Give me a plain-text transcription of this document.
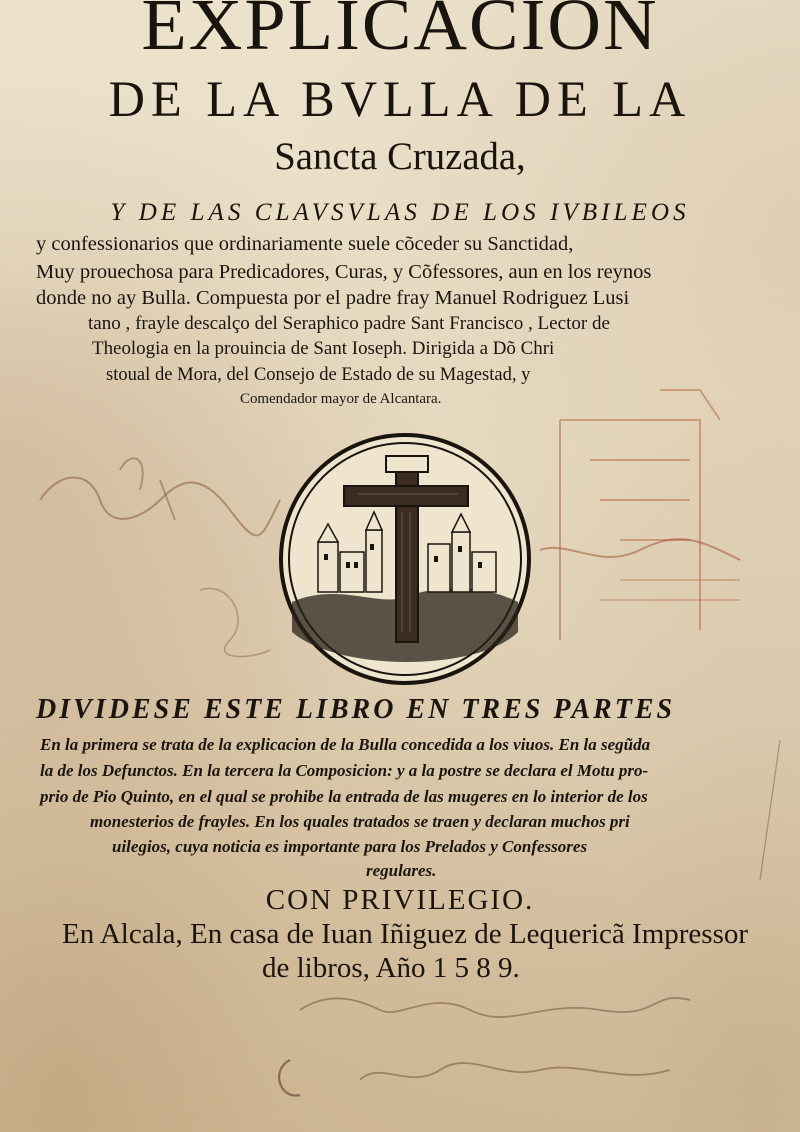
EXPLICACION
DE LA BVLLA DE LA
Sancta Cruzada,
Y DE LAS CLAVSVLAS DE LOS IVBILEOS
y confessionarios que ordinariamente suele cõceder su Sanctidad,
Muy prouechosa para Predicadores, Curas, y Cõfessores, aun en los reynos
donde no ay Bulla. Compuesta por el padre fray Manuel Rodriguez Lusi
tano , frayle descalço del Seraphico padre Sant Francisco , Lector de
Theologia en la prouincia de Sant Ioseph. Dirigida a Dõ Chri
stoual de Mora, del Consejo de Estado de su Magestad, y
Comendador mayor de Alcantara.
DIVIDESE ESTE LIBRO EN TRES PARTES
En la primera se trata de la explicacion de la Bulla concedida a los viuos. En la segũda
la de los Defunctos. En la tercera la Composicion: y a la postre se declara el Motu pro-
prio de Pio Quinto, en el qual se prohibe la entrada de las mugeres en lo interior de los
monesterios de frayles. En los quales tratados se traen y declaran muchos pri
uilegios, cuya noticia es importante para los Prelados y Confessores
regulares.
CON PRIVILEGIO.
En Alcala, En casa de Iuan Iñiguez de Lequericã Impressor
de libros, Año 1 5 8 9.
